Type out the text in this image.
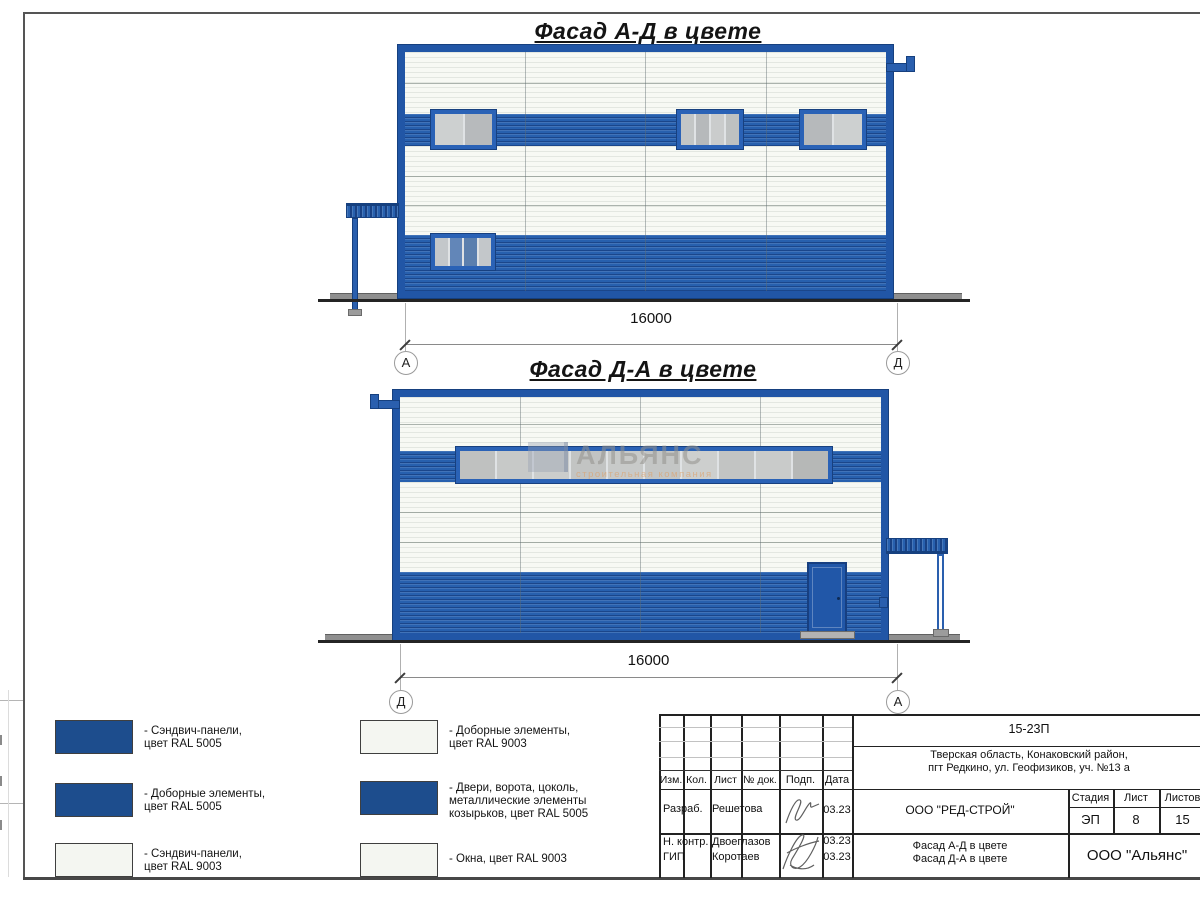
Фасад А-Д в цвете
Фасад Д-А в цвете
16000
А	Д
АЛЬЯНС
строительная компания
16000
Д	А
- Сэндвич-панели,
цвет RAL 5005
- Доборные элементы,
цвет RAL 5005
- Сэндвич-панели,
цвет RAL 9003
- Доборные элементы,
цвет RAL 9003
- Двери, ворота, цоколь,
металлические элементы
козырьков, цвет RAL 5005
- Окна, цвет RAL 9003
Изм. Кол. Лист № док. Подп. Дата
Разраб. Решетова	03.23
Н. контр. Двоеглазов	03.23
ГИП Коротаев	03.23
15-23П
Тверская область, Конаковский район,
пгт Редкино, ул. Геофизиков, уч. №13 а
ООО "РЕД-СТРОЙ"
Стадия	Лист	Листов
ЭП	8	15
Фасад А-Д в цвете
Фасад Д-А в цвете	ООО "Альянс"
